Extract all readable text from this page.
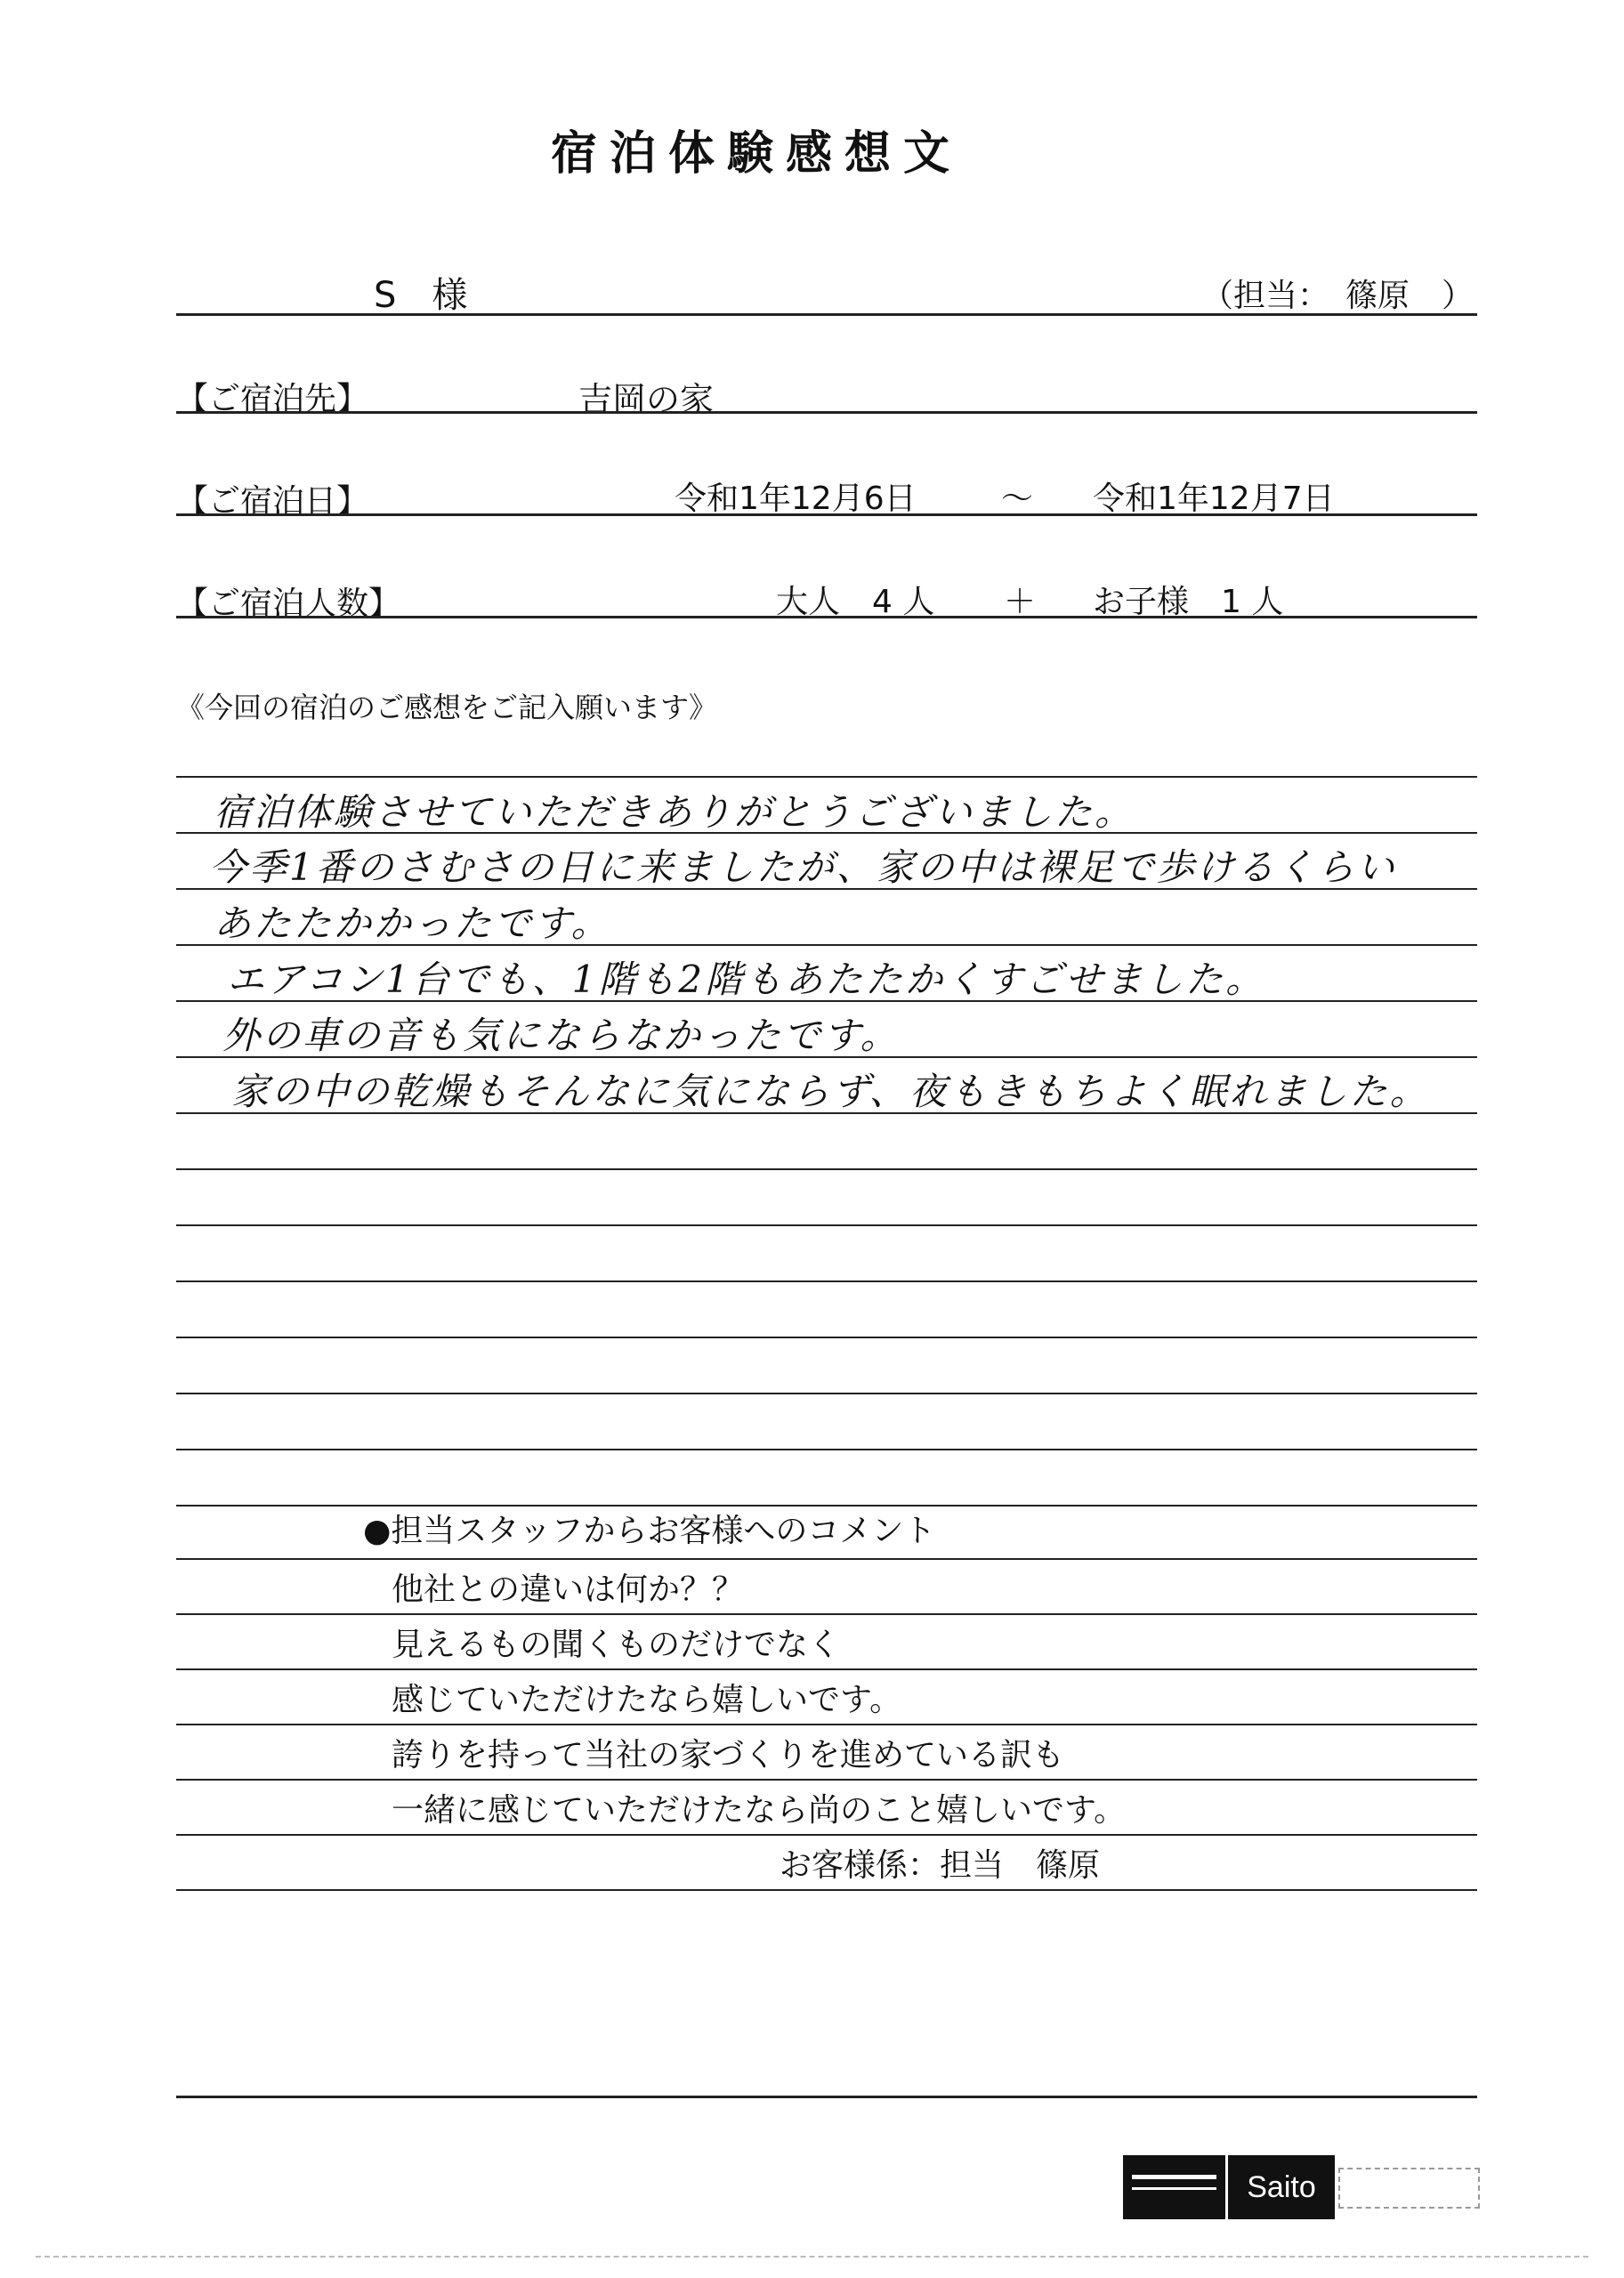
宿泊体験感想文
S　様	（担当：　篠原　）
【ご宿泊先】	吉岡の家
【ご宿泊日】	令和1年12月6日	～ 令和1年12月7日
【ご宿泊人数】	大人　4 人 ＋ お子様　1 人
《今回の宿泊のご感想をご記入願います》
宿泊体験させていただきありがとうございました。
今季1番のさむさの日に来ましたが、家の中は裸足で歩けるくらい
あたたかかったです。
エアコン1台でも、1階も2階もあたたかくすごせました。
外の車の音も気にならなかったです。
家の中の乾燥もそんなに気にならず、夜もきもちよく眠れました。
●担当スタッフからお客様へのコメント
他社との違いは何か？？
見えるもの聞くものだけでなく
感じていただけたなら嬉しいです。
誇りを持って当社の家づくりを進めている訳も
一緒に感じていただけたなら尚のこと嬉しいです。
お客様係：担当　篠原
Saito
